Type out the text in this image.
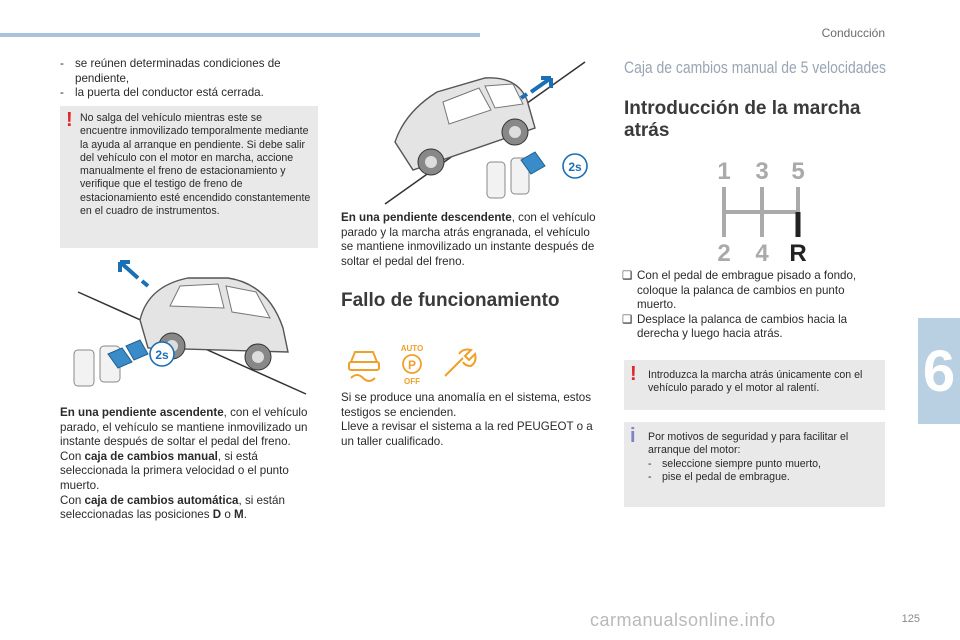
Conducción
6
125
- se reúnen determinadas condiciones de pendiente,
- la puerta del conductor está cerrada.
! No salga del vehículo mientras este se encuentre inmovilizado temporalmente mediante la ayuda al arranque en pendiente. Si debe salir del vehículo con el motor en marcha, accione manualmente el freno de estacionamiento y verifique que el testigo de freno de estacionamiento esté encendido constantemente en el cuadro de instrumentos.
2s
En una pendiente ascendente, con el vehículo parado, el vehículo se mantiene inmovilizado un instante después de soltar el pedal del freno.
Con caja de cambios manual, si está seleccionada la primera velocidad o el punto muerto.
Con caja de cambios automática, si están seleccionadas las posiciones D o M.
2s
En una pendiente descendente, con el vehículo parado y la marcha atrás engranada, el vehículo se mantiene inmovilizado un instante después de soltar el pedal del freno.
Fallo de funcionamiento
AUTO
P
OFF
Si se produce una anomalía en el sistema, estos testigos se encienden.
Lleve a revisar el sistema a la red PEUGEOT o a un taller cualificado.
Caja de cambios manual de 5 velocidades
Introducción de la marcha atrás
1 3 5
2 4 R
❑ Con el pedal de embrague pisado a fondo, coloque la palanca de cambios en punto muerto.
❑ Desplace la palanca de cambios hacia la derecha y luego hacia atrás.
! Introduzca la marcha atrás únicamente con el vehículo parado y el motor al ralentí.
i Por motivos de seguridad y para facilitar el arranque del motor:
- seleccione siempre punto muerto,
- pise el pedal de embrague.
carmanualsonline.info
